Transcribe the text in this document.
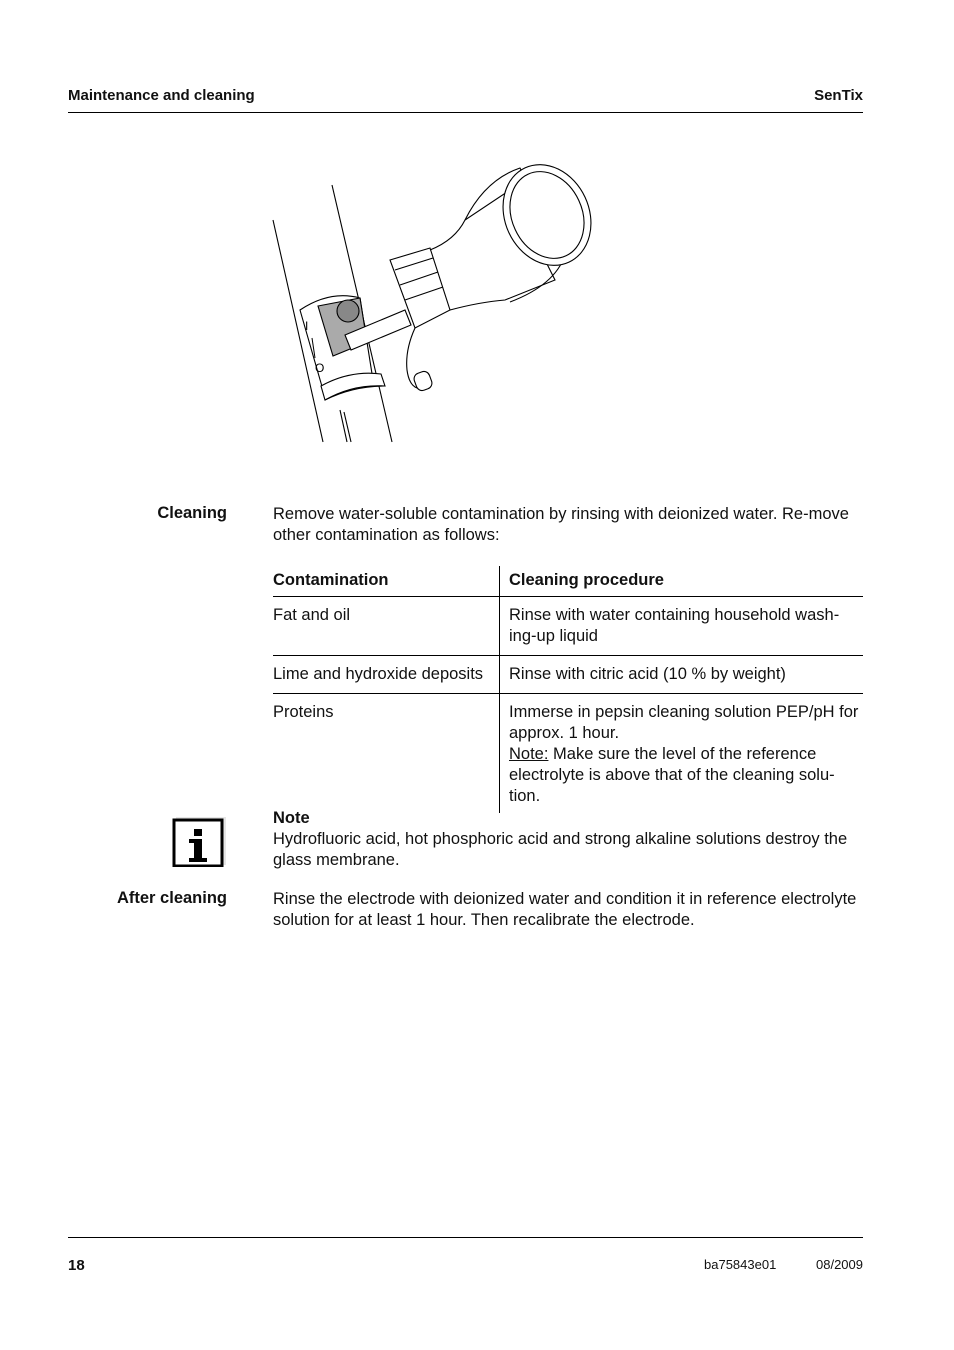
Maintenance and cleaning	SenTix
I
O
Cleaning	Remove water-soluble contamination by rinsing with deionized water. Re-move other contamination as follows:
Contamination	Cleaning procedure
Fat and oil	Rinse with water containing household wash-ing-up liquid
Lime and hydroxide deposits	Rinse with citric acid (10 % by weight)
Proteins	Immerse in pepsin cleaning solution PEP/pH for approx. 1 hour.
Note: Make sure the level of the reference electrolyte is above that of the cleaning solu-tion.
Note
Hydrofluoric acid, hot phosphoric acid and strong alkaline solutions destroy the glass membrane.
After cleaning	Rinse the electrode with deionized water and condition it in reference electrolyte solution for at least 1 hour. Then recalibrate the electrode.
18	ba75843e01	08/2009
